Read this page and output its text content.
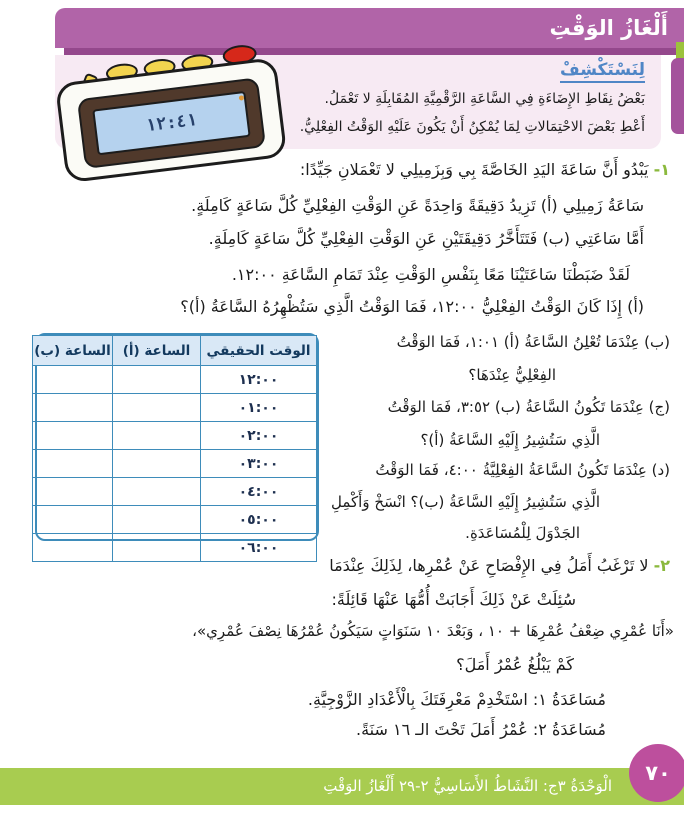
أَلْغَازُ الوَقْتِ
لِنَسْتَكْشِفْ
بَعْضُ نِقَاطِ الإِضَاءَةِ فِي السَّاعَةِ الرَّقْمِيَّةِ المُقَابِلَةِ لا تَعْمَلُ.
أَعْطِ بَعْضَ الاحْتِمَالاتِ لِمَا يُمْكِنُ أَنْ يَكُونَ عَلَيْهِ الوَقْتُ الفِعْلِيُّ.
١٢:٤١
١- يَبْدُو أَنَّ سَاعَةَ اليَدِ الخَاصَّةَ بِي وَبِزَمِيلِي لا تَعْمَلانِ جَيِّدًا:
سَاعَةُ زَمِيلِي (أ) تَزِيدُ دَقِيقَةً وَاحِدَةً عَنِ الوَقْتِ الفِعْلِيِّ كُلَّ سَاعَةٍ كَامِلَةٍ.
أَمَّا سَاعَتِي (ب) فَتَتَأَخَّرُ دَقِيقَتَيْنِ عَنِ الوَقْتِ الفِعْلِيِّ كُلَّ سَاعَةٍ كَامِلَةٍ.
لَقَدْ ضَبَطْنَا سَاعَتَيْنَا مَعًا بِنَفْسِ الوَقْتِ عِنْدَ تَمَامِ السَّاعَةِ ١٢:٠٠.
(أ) إِذَا كَانَ الوَقْتُ الفِعْلِيُّ ١٢:٠٠، فَمَا الوَقْتُ الَّذِي سَتُظْهِرُهُ السَّاعَةُ (أ)؟
(ب) عِنْدَمَا تُعْلِنُ السَّاعَةُ (أ) ١:٠١، فَمَا الوَقْتُ
الفِعْلِيُّ عِنْدَهَا؟
(ج) عِنْدَمَا تَكُونُ السَّاعَةُ (ب) ٣:٥٢، فَمَا الوَقْتُ
الَّذِي سَتُشِيرُ إِلَيْهِ السَّاعَةُ (أ)؟
(د) عِنْدَمَا تَكُونُ السَّاعَةُ الفِعْلِيَّةُ ٤:٠٠، فَمَا الوَقْتُ
الَّذِي سَتُشِيرُ إِلَيْهِ السَّاعَةُ (ب)؟ انْسَخْ وَأَكْمِلِ
الجَدْوَلَ لِلْمُسَاعَدَةِ.
الوقت الحقيقي	الساعة (أ)	الساعة (ب)
١٢:٠٠		
٠١:٠٠		
٠٢:٠٠		
٠٣:٠٠		
٠٤:٠٠		
٠٥:٠٠		
٠٦:٠٠		
٢- لا تَرْغَبُ أَمَلُ فِي الإِفْصَاحِ عَنْ عُمْرِها، لِذَلِكَ عِنْدَمَا
سُئِلَتْ عَنْ ذَلِكَ أَجَابَتْ أُمُّهَا عَنْهَا قَائِلَةً:
«أَنَا عُمْرِي ضِعْفُ عُمْرِهَا + ١٠ ، وَبَعْدَ ١٠ سَنَوَاتٍ سَيَكُونُ عُمْرُهَا نِصْفَ عُمْرِي»،
كَمْ يَبْلُغُ عُمْرُ أَمَلَ؟
مُسَاعَدَةُ ١: اسْتَخْدِمْ مَعْرِفَتَكَ بِالْأَعْدَادِ الزَّوْجِيَّةِ.
مُسَاعَدَةُ ٢: عُمْرُ أَمَلَ تَحْتَ الـ ١٦ سَنَةً.
الْوَحْدَةُ ٣ج: النَّشَاطُ الأَسَاسِيُّ ٢-٢٩ أَلْغَازُ الوَقْتِ
٧٠
